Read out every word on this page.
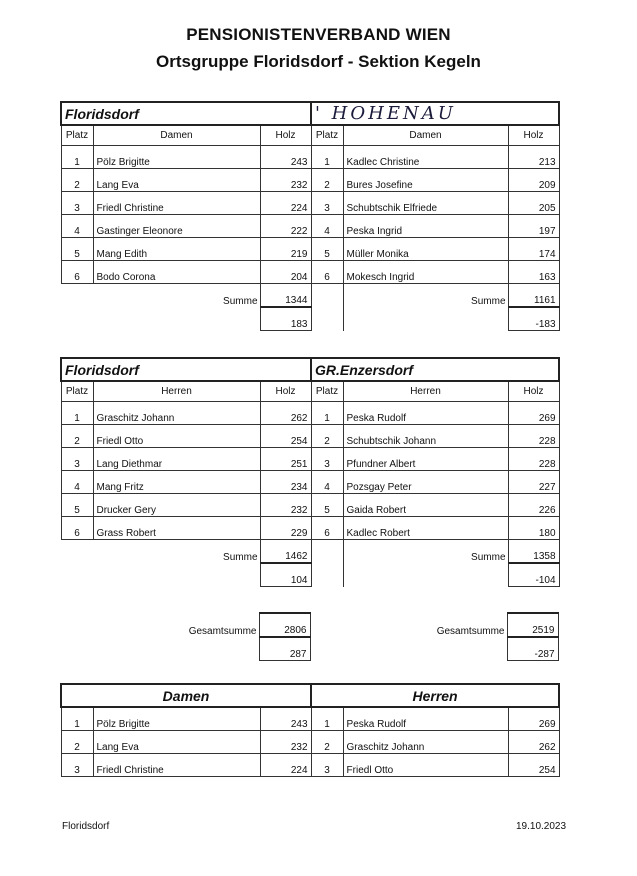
PENSIONISTENVERBAND WIEN
Ortsgruppe Floridsdorf - Sektion Kegeln
Floridsdorf			' HOHENAU		
Platz	Damen	Holz	Platz	Damen	Holz
1	Pölz Brigitte	243	1	Kadlec Christine	213
2	Lang Eva	232	2	Bures Josefine	209
3	Friedl Christine	224	3	Schubtschik Elfriede	205
4	Gastinger Eleonore	222	4	Peska Ingrid	197
5	Mang Edith	219	5	Müller Monika	174
6	Bodo Corona	204	6	Mokesch Ingrid	163
	Summe	1344		Summe	1161
		183			-183
Floridsdorf			GR.Enzersdorf		
Platz	Herren	Holz	Platz	Herren	Holz
1	Graschitz Johann	262	1	Peska Rudolf	269
2	Friedl Otto	254	2	Schubtschik Johann	228
3	Lang Diethmar	251	3	Pfundner Albert	228
4	Mang Fritz	234	4	Pozsgay Peter	227
5	Drucker Gery	232	5	Gaida Robert	226
6	Grass Robert	229	6	Kadlec Robert	180
	Summe	1462		Summe	1358
		104			-104
	Gesamtsumme	2806		Gesamtsumme	2519
		287			-287
Damen			Herren		
1	Pölz Brigitte	243	1	Peska Rudolf	269
2	Lang Eva	232	2	Graschitz Johann	262
3	Friedl Christine	224	3	Friedl Otto	254
Floridsdorf	19.10.2023
